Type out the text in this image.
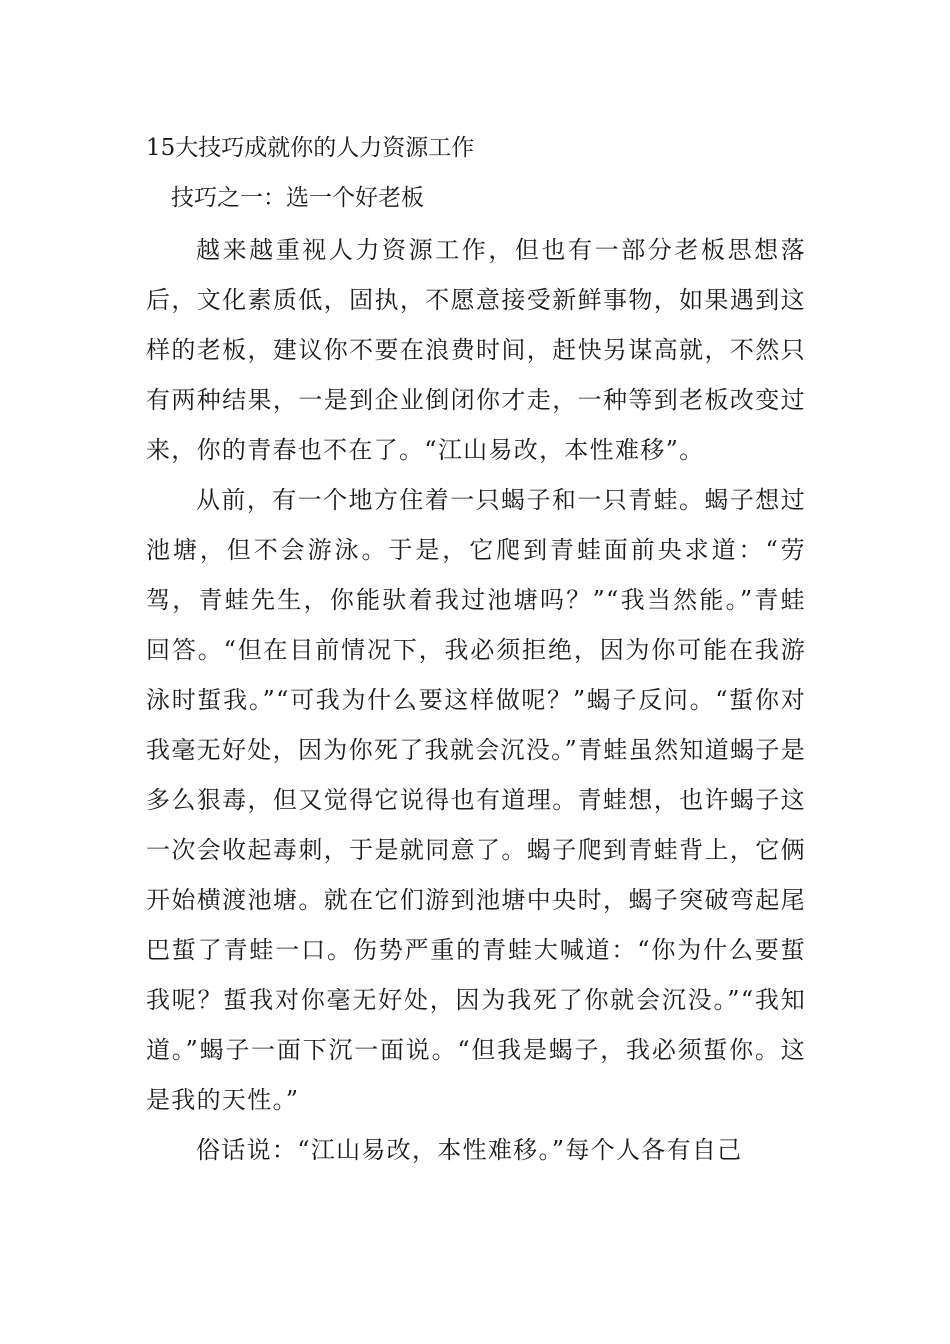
15大技巧成就你的人力资源工作
技巧之一：选一个好老板

越来越重视人力资源工作，但也有一部分老板思想落后，文化素质低，固执，不愿意接受新鲜事物，如果遇到这样的老板，建议你不要在浪费时间，赶快另谋高就，不然只有两种结果，一是到企业倒闭你才走，一种等到老板改变过来，你的青春也不在了。“江山易改，本性难移”。

从前，有一个地方住着一只蝎子和一只青蛙。蝎子想过池塘，但不会游泳。于是，它爬到青蛙面前央求道：“劳驾，青蛙先生，你能驮着我过池塘吗？”“我当然能。”青蛙回答。“但在目前情况下，我必须拒绝，因为你可能在我游泳时蜇我。”“可我为什么要这样做呢？”蝎子反问。“蜇你对我毫无好处，因为你死了我就会沉没。”青蛙虽然知道蝎子是多么狠毒，但又觉得它说得也有道理。青蛙想，也许蝎子这一次会收起毒刺，于是就同意了。蝎子爬到青蛙背上，它俩开始横渡池塘。就在它们游到池塘中央时，蝎子突破弯起尾巴蜇了青蛙一口。伤势严重的青蛙大喊道：“你为什么要蜇我呢？蜇我对你毫无好处，因为我死了你就会沉没。”“我知道。”蝎子一面下沉一面说。“但我是蝎子，我必须蜇你。这是我的天性。”

俗话说：“江山易改，本性难移。”每个人各有自己
